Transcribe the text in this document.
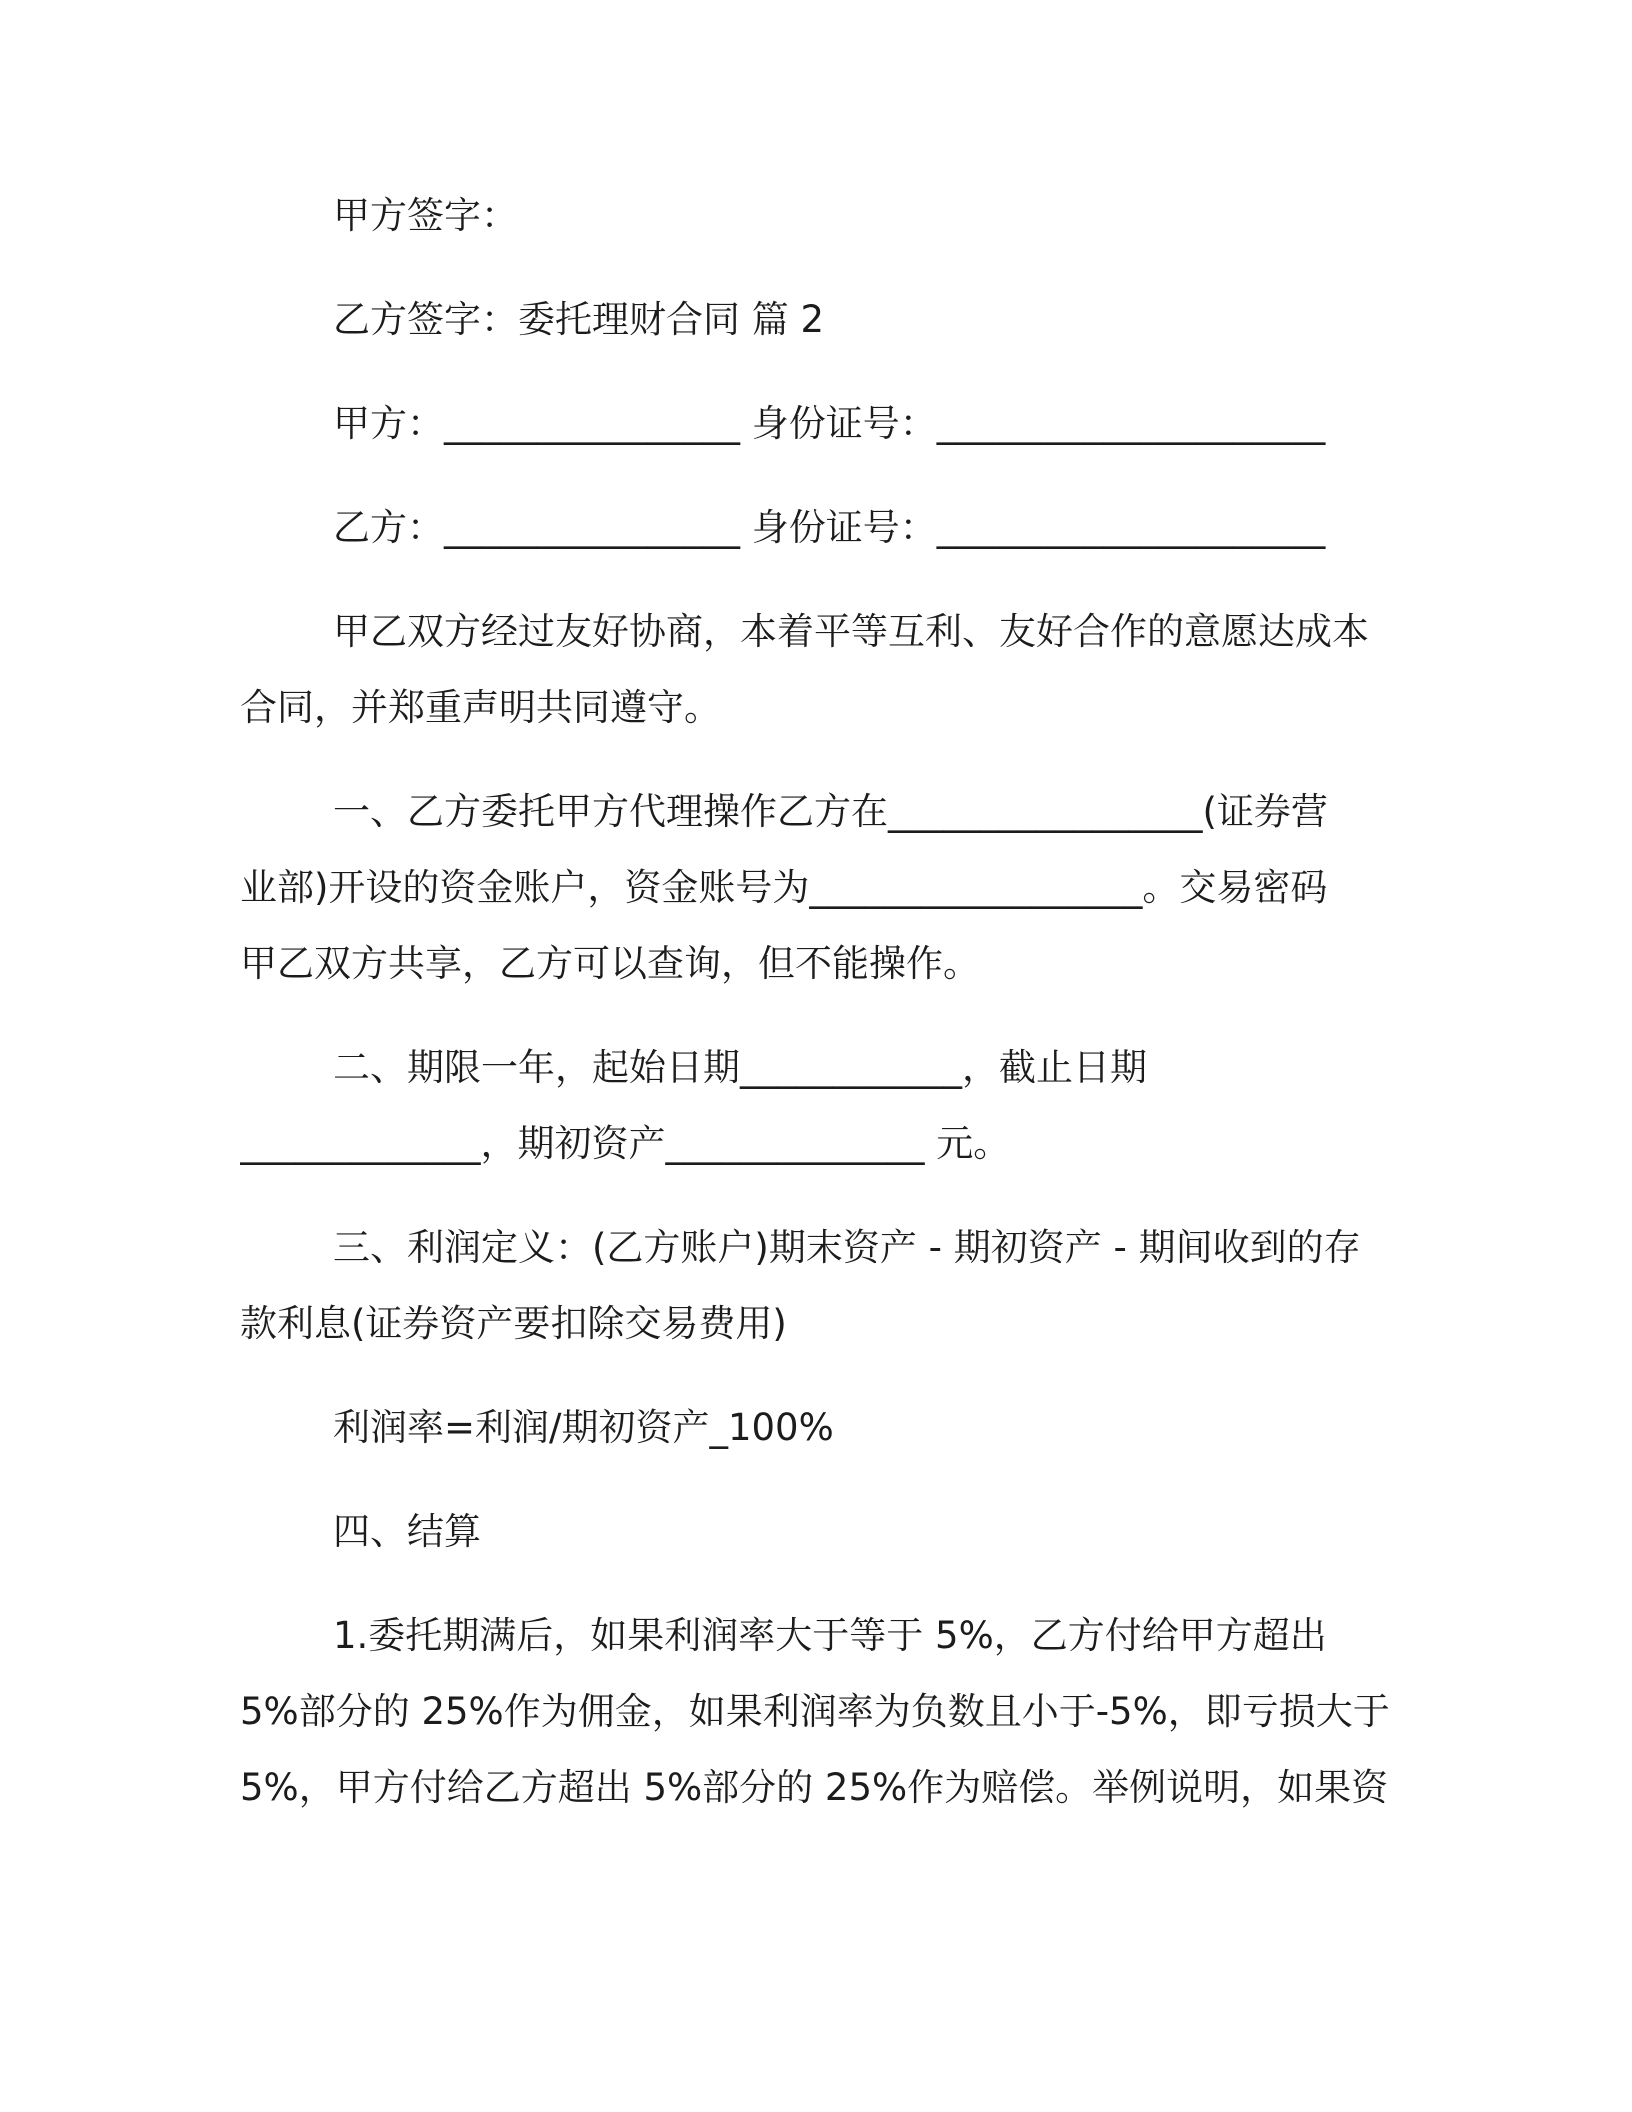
甲方签字：
乙方签字：委托理财合同 篇 2
甲方：________________ 身份证号：_____________________
乙方：________________ 身份证号：_____________________
甲乙双方经过友好协商，本着平等互利、友好合作的意愿达成本
合同，并郑重声明共同遵守。
一、乙方委托甲方代理操作乙方在_________________(证券营
业部)开设的资金账户，资金账号为__________________。交易密码
甲乙双方共享，乙方可以查询，但不能操作。
二、期限一年，起始日期____________，截止日期
_____________，期初资产______________ 元。
三、利润定义：(乙方账户)期末资产 - 期初资产 - 期间收到的存
款利息(证券资产要扣除交易费用)
利润率=利润/期初资产_100%
四、结算
1.委托期满后，如果利润率大于等于 5%，乙方付给甲方超出
5%部分的 25%作为佣金，如果利润率为负数且小于-5%，即亏损大于
5%，甲方付给乙方超出 5%部分的 25%作为赔偿。举例说明，如果资
